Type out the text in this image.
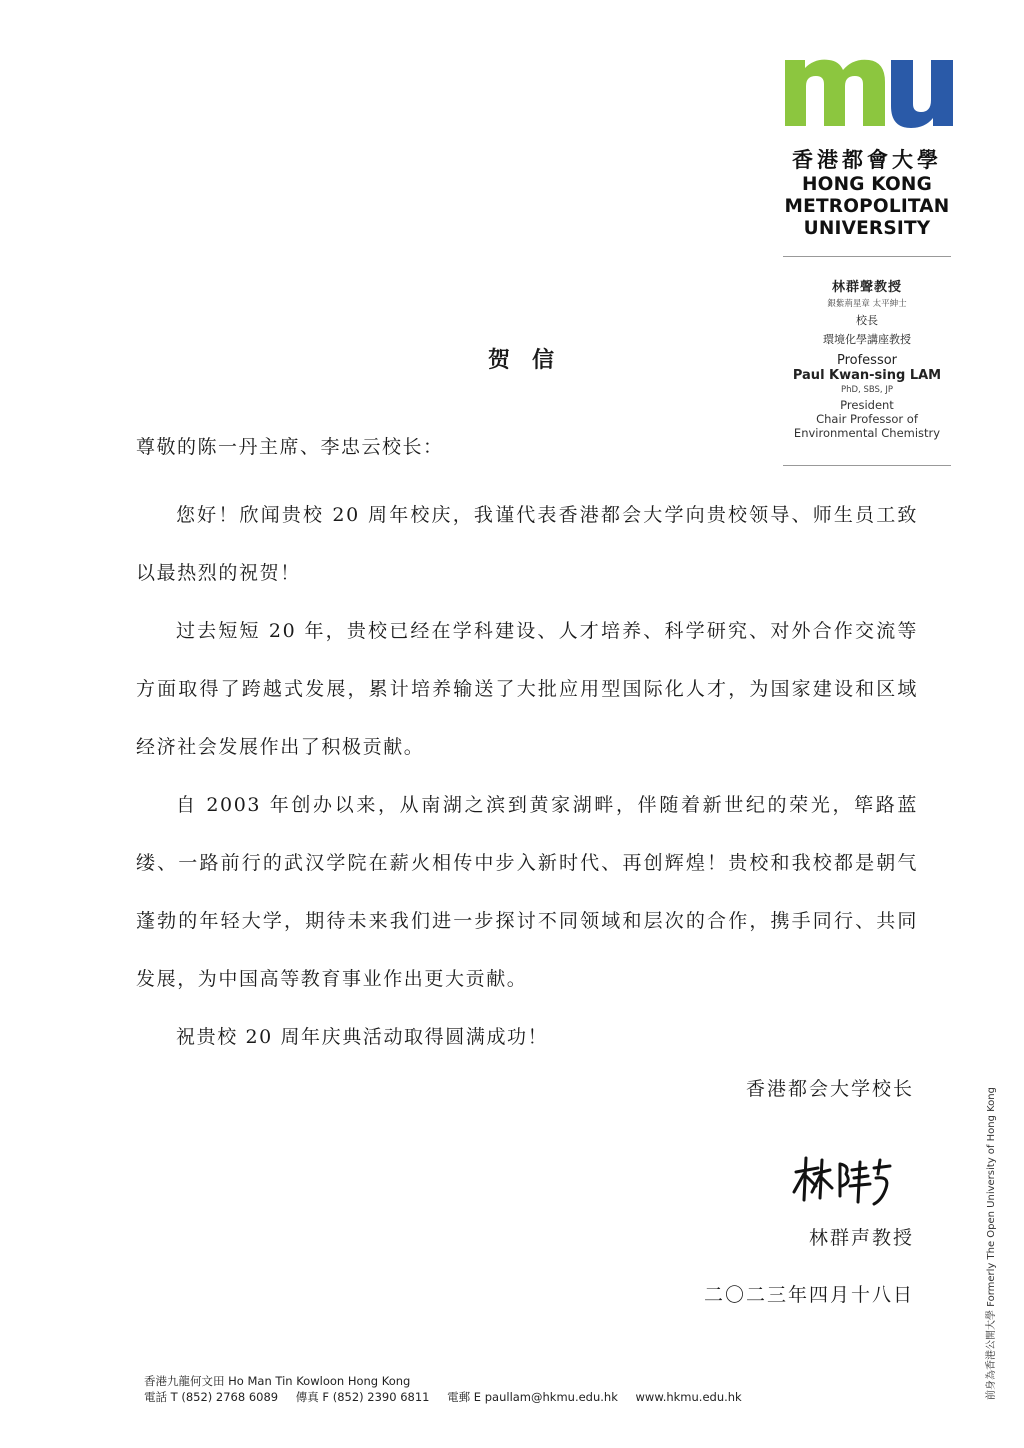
香港都會大學
HONG KONG
METROPOLITAN
UNIVERSITY
林群聲教授
銀紫荊星章 太平紳士
校長
環境化學講座教授
Professor
Paul Kwan-sing LAM
PhD, SBS, JP
President
Chair Professor of
Environmental Chemistry
贺信
尊敬的陈一丹主席、李忠云校长：

您好！欣闻贵校 20 周年校庆，我谨代表香港都会大学向贵校领导、师生员工致以最热烈的祝贺！

过去短短 20 年，贵校已经在学科建设、人才培养、科学研究、对外合作交流等方面取得了跨越式发展，累计培养输送了大批应用型国际化人才，为国家建设和区域经济社会发展作出了积极贡献。

自 2003 年创办以来，从南湖之滨到黄家湖畔，伴随着新世纪的荣光，筚路蓝缕、一路前行的武汉学院在薪火相传中步入新时代、再创辉煌！贵校和我校都是朝气蓬勃的年轻大学，期待未来我们进一步探讨不同领域和层次的合作，携手同行、共同发展，为中国高等教育事业作出更大贡献。

祝贵校 20 周年庆典活动取得圆满成功！

香港都会大学校长
林群声教授
二〇二三年四月十八日
香港九龍何文田 Ho Man Tin Kowloon Hong Kong
電話 T (852) 2768 6089 傳真 F (852) 2390 6811 電郵 E paullam@hkmu.edu.hk www.hkmu.edu.hk	前身為香港公開大學 Formerly The Open University of Hong Kong
